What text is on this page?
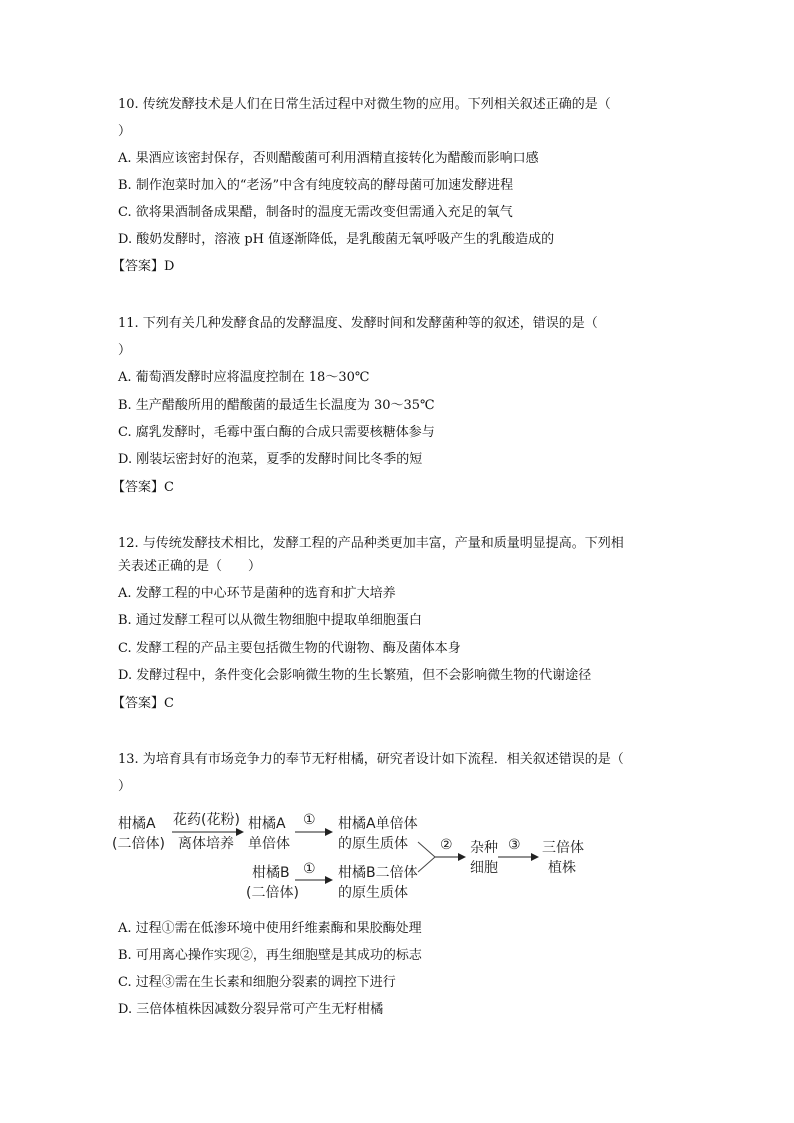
10. 传统发酵技术是人们在日常生活过程中对微生物的应用。下列相关叙述正确的是（
）
A. 果酒应该密封保存，否则醋酸菌可利用酒精直接转化为醋酸而影响口感
B. 制作泡菜时加入的“老汤”中含有纯度较高的酵母菌可加速发酵进程
C. 欲将果酒制备成果醋，制备时的温度无需改变但需通入充足的氧气
D. 酸奶发酵时，溶液 pH 值逐渐降低，是乳酸菌无氧呼吸产生的乳酸造成的
【答案】D
11. 下列有关几种发酵食品的发酵温度、发酵时间和发酵菌种等的叙述，错误的是（
）
A. 葡萄酒发酵时应将温度控制在 18～30℃
B. 生产醋酸所用的醋酸菌的最适生长温度为 30～35℃
C. 腐乳发酵时，毛霉中蛋白酶的合成只需要核糖体参与
D. 刚装坛密封好的泡菜，夏季的发酵时间比冬季的短
【答案】C
12. 与传统发酵技术相比，发酵工程的产品种类更加丰富，产量和质量明显提高。下列相
关表述正确的是（　　）
A. 发酵工程的中心环节是菌种的选育和扩大培养
B. 通过发酵工程可以从微生物细胞中提取单细胞蛋白
C. 发酵工程的产品主要包括微生物的代谢物、酶及菌体本身
D. 发酵过程中，条件变化会影响微生物的生长繁殖，但不会影响微生物的代谢途径
【答案】C
13. 为培育具有市场竞争力的奉节无籽柑橘，研究者设计如下流程．相关叙述错误的是（
）
柑橘A
(二倍体)
花药(花粉)
离体培养
柑橘A
单倍体
① 柑橘A单倍体
的原生质体
柑橘B
(二倍体)
① 柑橘B二倍体
的原生质体
② 杂种
细胞
③ 三倍体
植株
A. 过程①需在低渗环境中使用纤维素酶和果胶酶处理
B. 可用离心操作实现②，再生细胞壁是其成功的标志
C. 过程③需在生长素和细胞分裂素的调控下进行
D. 三倍体植株因减数分裂异常可产生无籽柑橘
